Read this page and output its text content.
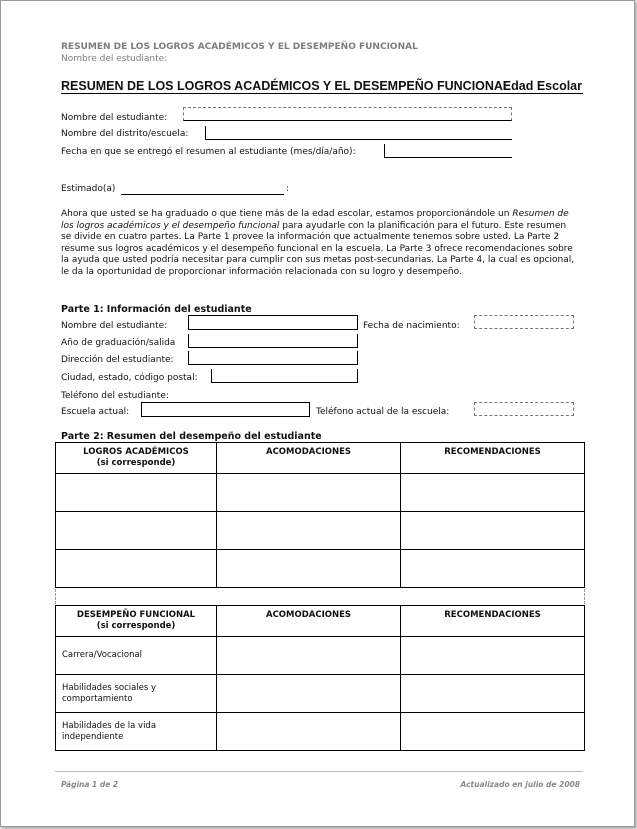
RESUMEN DE LOS LOGROS ACADÉMICOS Y EL DESEMPEÑO FUNCIONAL
Nombre del estudiante:
RESUMEN DE LOS LOGROS ACADÉMICOS Y EL DESEMPEÑO FUNCIONAL
Edad Escolar
Nombre del estudiante:
Nombre del distrito/escuela:
Fecha en que se entregó el resumen al estudiante (mes/día/año):
Estimado(a)	:
Ahora que usted se ha graduado o que tiene más de la edad escolar, estamos proporcionándole un Resumen de los logros académicos y el desempeño funcional para ayudarle con la planificación para el futuro. Este resumen se divide en cuatro partes. La Parte 1 provee la información que actualmente tenemos sobre usted. La Parte 2 resume sus logros académicos y el desempeño funcional en la escuela. La Parte 3 ofrece recomendaciones sobre la ayuda que usted podría necesitar para cumplir con sus metas post-secundarias. La Parte 4, la cual es opcional, le da la oportunidad de proporcionar información relacionada con su logro y desempeño.
Parte 1: Información del estudiante
Nombre del estudiante:	Fecha de nacimiento:
Año de graduación/salida
Dirección del estudiante:
Ciudad, estado, código postal:
Teléfono del estudiante:
Escuela actual:	Teléfono actual de la escuela:
Parte 2: Resumen del desempeño del estudiante
LOGROS ACADÉMICOS
(si corresponde)	ACOMODACIONES	RECOMENDACIONES

DESEMPEÑO FUNCIONAL
(si corresponde)	ACOMODACIONES	RECOMENDACIONES
Carrera/Vocacional		
Habilidades sociales y comportamiento		
Habilidades de la vida independiente		
Página 1 de 2	Actualizado en julio de 2008
